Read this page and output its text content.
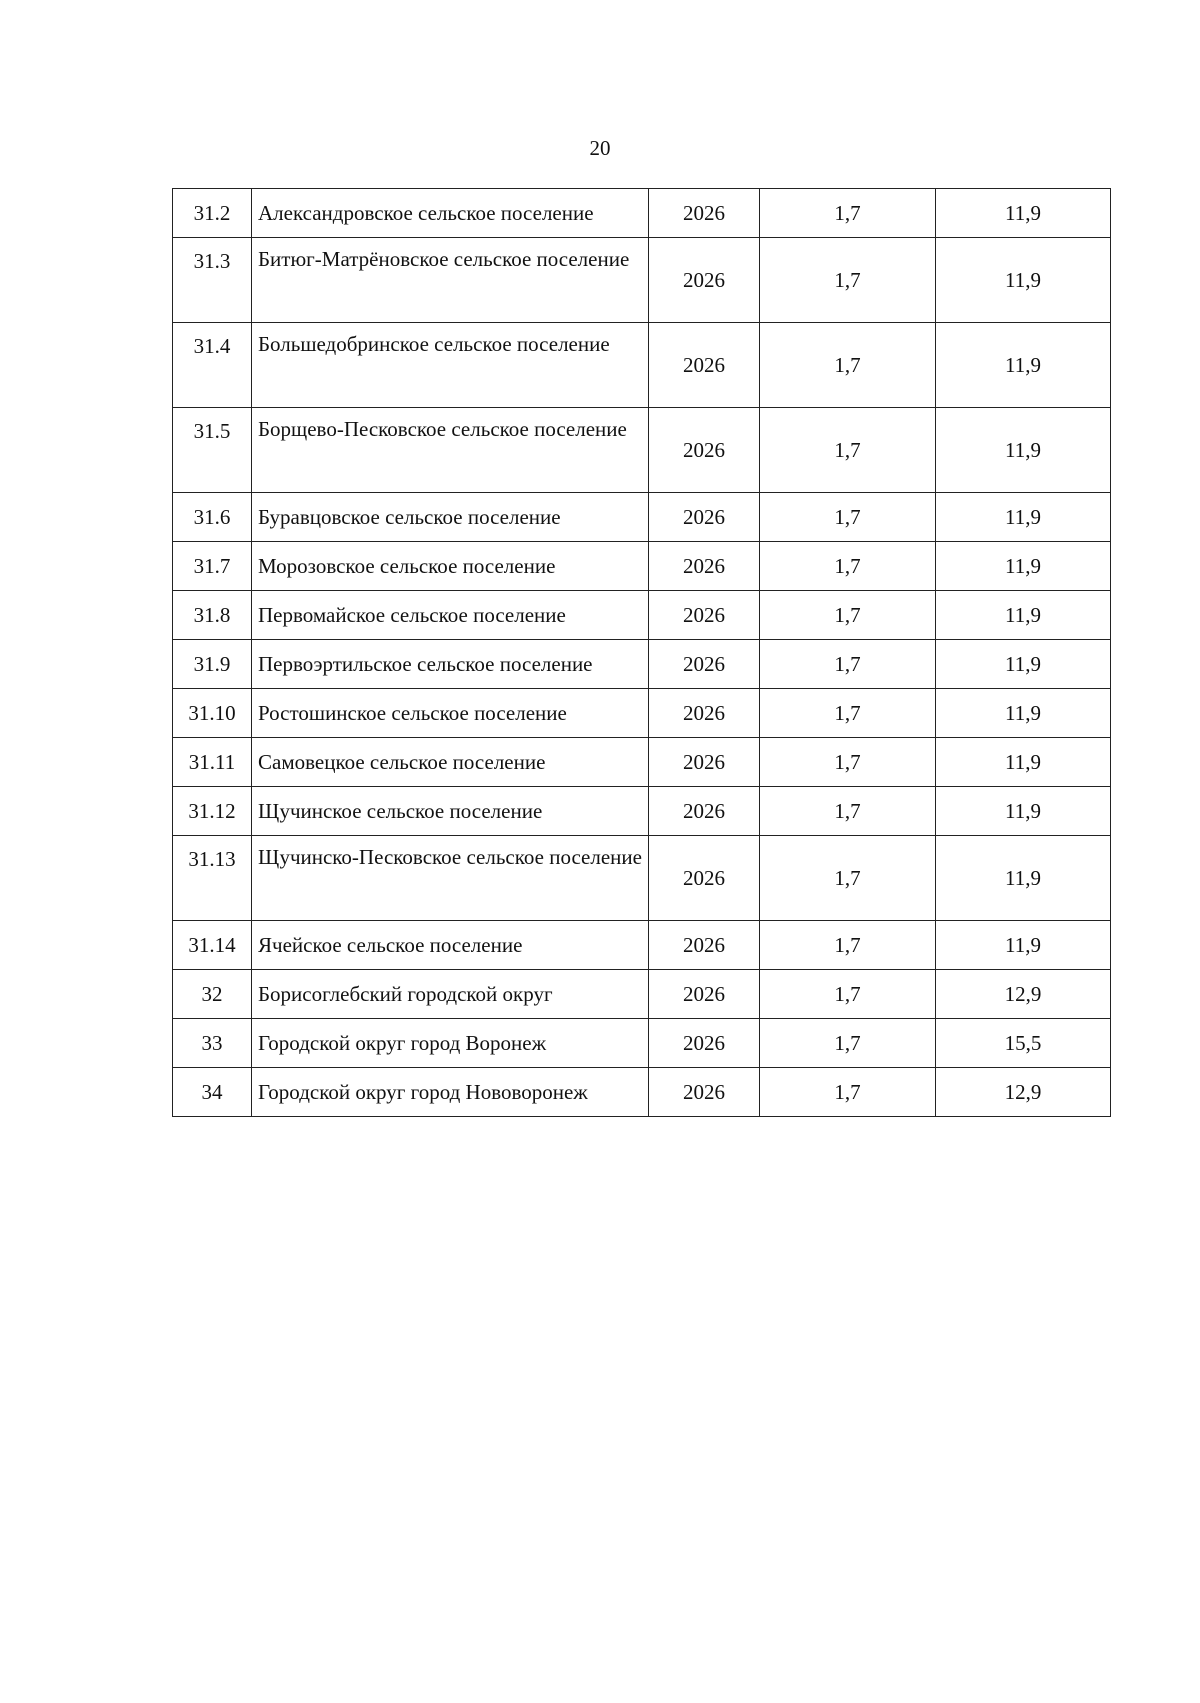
20
31.2	Александровское сельское поселение	2026	1,7	11,9
31.3	Битюг-Матрёновское сельское поселение	2026	1,7	11,9
31.4	Большедобринское сельское поселение	2026	1,7	11,9
31.5	Борщево-Песковское сельское поселение	2026	1,7	11,9
31.6	Буравцовское сельское поселение	2026	1,7	11,9
31.7	Морозовское сельское поселение	2026	1,7	11,9
31.8	Первомайское сельское поселение	2026	1,7	11,9
31.9	Первоэртильское сельское поселение	2026	1,7	11,9
31.10	Ростошинское сельское поселение	2026	1,7	11,9
31.11	Самовецкое сельское поселение	2026	1,7	11,9
31.12	Щучинское сельское поселение	2026	1,7	11,9
31.13	Щучинско-Песковское сельское поселение	2026	1,7	11,9
31.14	Ячейское сельское поселение	2026	1,7	11,9
32	Борисоглебский городской округ	2026	1,7	12,9
33	Городской округ город Воронеж	2026	1,7	15,5
34	Городской округ город Нововоронеж	2026	1,7	12,9
